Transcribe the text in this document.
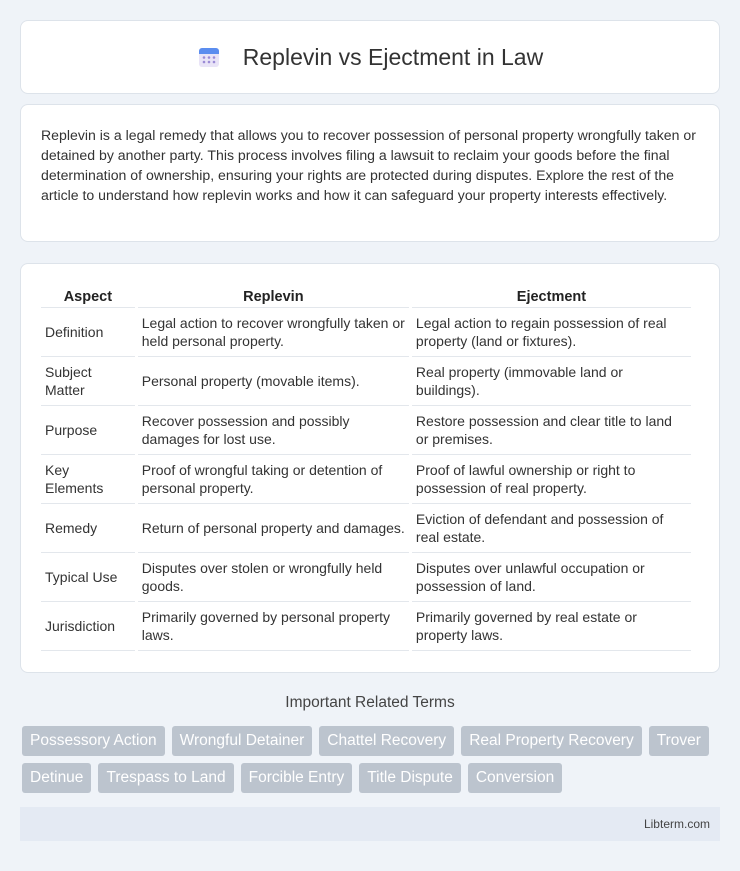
Replevin vs Ejectment in Law

Replevin is a legal remedy that allows you to recover possession of personal property wrongfully taken or detained by another party. This process involves filing a lawsuit to reclaim your goods before the final determination of ownership, ensuring your rights are protected during disputes. Explore the rest of the article to understand how replevin works and how it can safeguard your property interests effectively.

Aspect	Replevin	Ejectment
Definition	Legal action to recover wrongfully taken or held personal property.	Legal action to regain possession of real property (land or fixtures).
Subject Matter	Personal property (movable items).	Real property (immovable land or buildings).
Purpose	Recover possession and possibly damages for lost use.	Restore possession and clear title to land or premises.
Key Elements	Proof of wrongful taking or detention of personal property.	Proof of lawful ownership or right to possession of real property.
Remedy	Return of personal property and damages.	Eviction of defendant and possession of real estate.
Typical Use	Disputes over stolen or wrongfully held goods.	Disputes over unlawful occupation or possession of land.
Jurisdiction	Primarily governed by personal property laws.	Primarily governed by real estate or property laws.
Important Related Terms
Possessory Action	Wrongful Detainer	Chattel Recovery	Real Property Recovery	Trover
Detinue	Trespass to Land	Forcible Entry	Title Dispute	Conversion
Libterm.com
